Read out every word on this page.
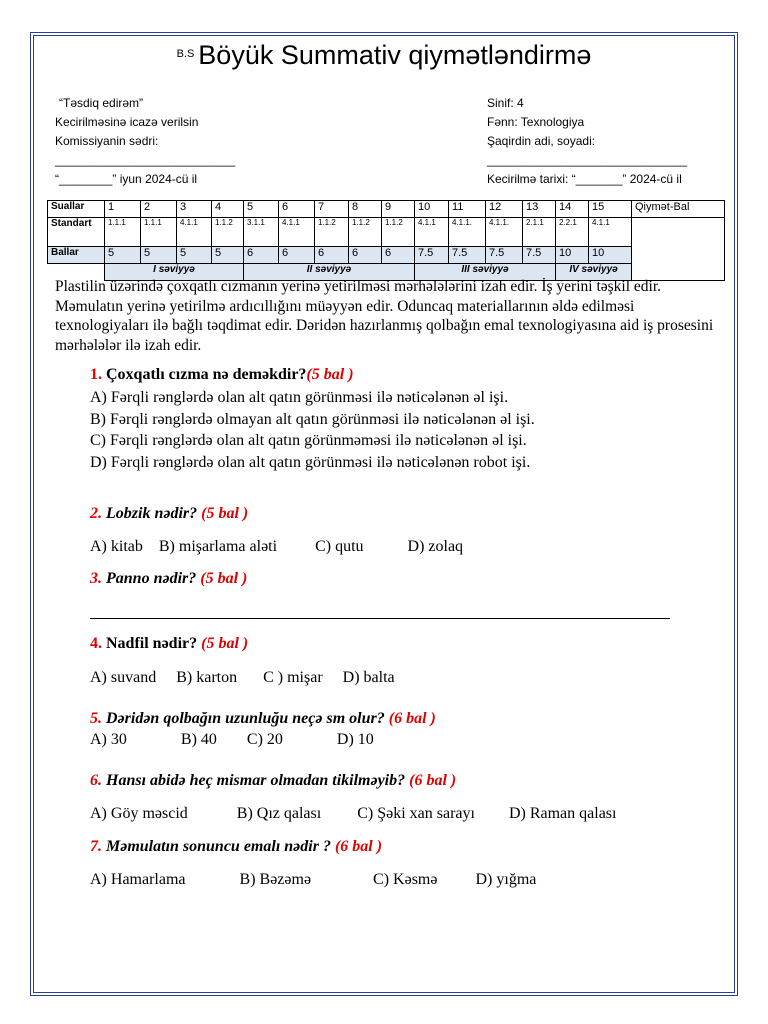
$^{B.S}$ Böyük Summativ qiymətləndirmə
“Təsdiq edirəm”
Kecirilməsinə icazə verilsin
Komissiyanin sədri:
___________________________
“________” iyun 2024-cü il
Sinif: 4
Fənn: Texnologiya
Şaqirdin adi, soyadi:
______________________________
Kecirilmə tarixi: “_______” 2024-cü il
Suallar	1	2	3	4	5	6	7	8	9	10	11	12	13	14	15	Qiymət-Bal
Standart	1.1.1	1.1.1	4.1.1	1.1.2	3.1.1	4.1.1	1.1.2	1.1.2	1.1.2	4.1.1	4.1.1.	4.1.1.	2.1.1	2.2.1	4.1.1	
Ballar	5	5	5	5	6	6	6	6	6	7.5	7.5	7.5	7.5	10	10	
	I səviyyə				II səviyyə					III səviyyə				IV səviyyə		
Plastilin üzərində çoxqatlı cızmanın yerinə yetirilməsi mərhələlərini izah edir. İş yerini təşkil edir. Məmulatın yerinə yetirilmə ardıcıllığını müəyyən edir. Oduncaq materiallarının əldə edilməsi texnologiyaları ilə bağlı təqdimat edir. Dəridən hazırlanmış qolbağın emal texnologiyasına aid iş prosesini mərhələlər ilə izah edir.
1. Çoxqatlı cızma nə deməkdir?(5 bal )
A) Fərqli rənglərdə olan alt qatın görünməsi ilə nəticələnən əl işi.
B) Fərqli rənglərdə olmayan alt qatın görünməsi ilə nəticələnən əl işi.
C) Fərqli rənglərdə olan alt qatın görünməməsi ilə nəticələnən əl işi.
D) Fərqli rənglərdə olan alt qatın görünməsi ilə nəticələnən robot işi.
2. Lobzik nədir? (5 bal )
A) kitab B) mişarlama aləti C) qutu	D) zolaq
3. Panno nədir? (5 bal )
4. Nadfil nədir? (5 bal )
A) suvand B) karton C ) mişar D) balta
5. Dəridən qolbağın uzunluğu neçə sm olur? (6 bal )
A) 30	B) 40 C) 20	D) 10
6. Hansı abidə heç mismar olmadan tikilməyib? (6 bal )
A) Göy məscid	B) Qız qalası C) Şəki xan sarayı D) Raman qalası
7. Məmulatın sonuncu emalı nədir ? (6 bal )
A) Hamarlama	B) Bəzəmə	C) Kəsmə D) yığma
